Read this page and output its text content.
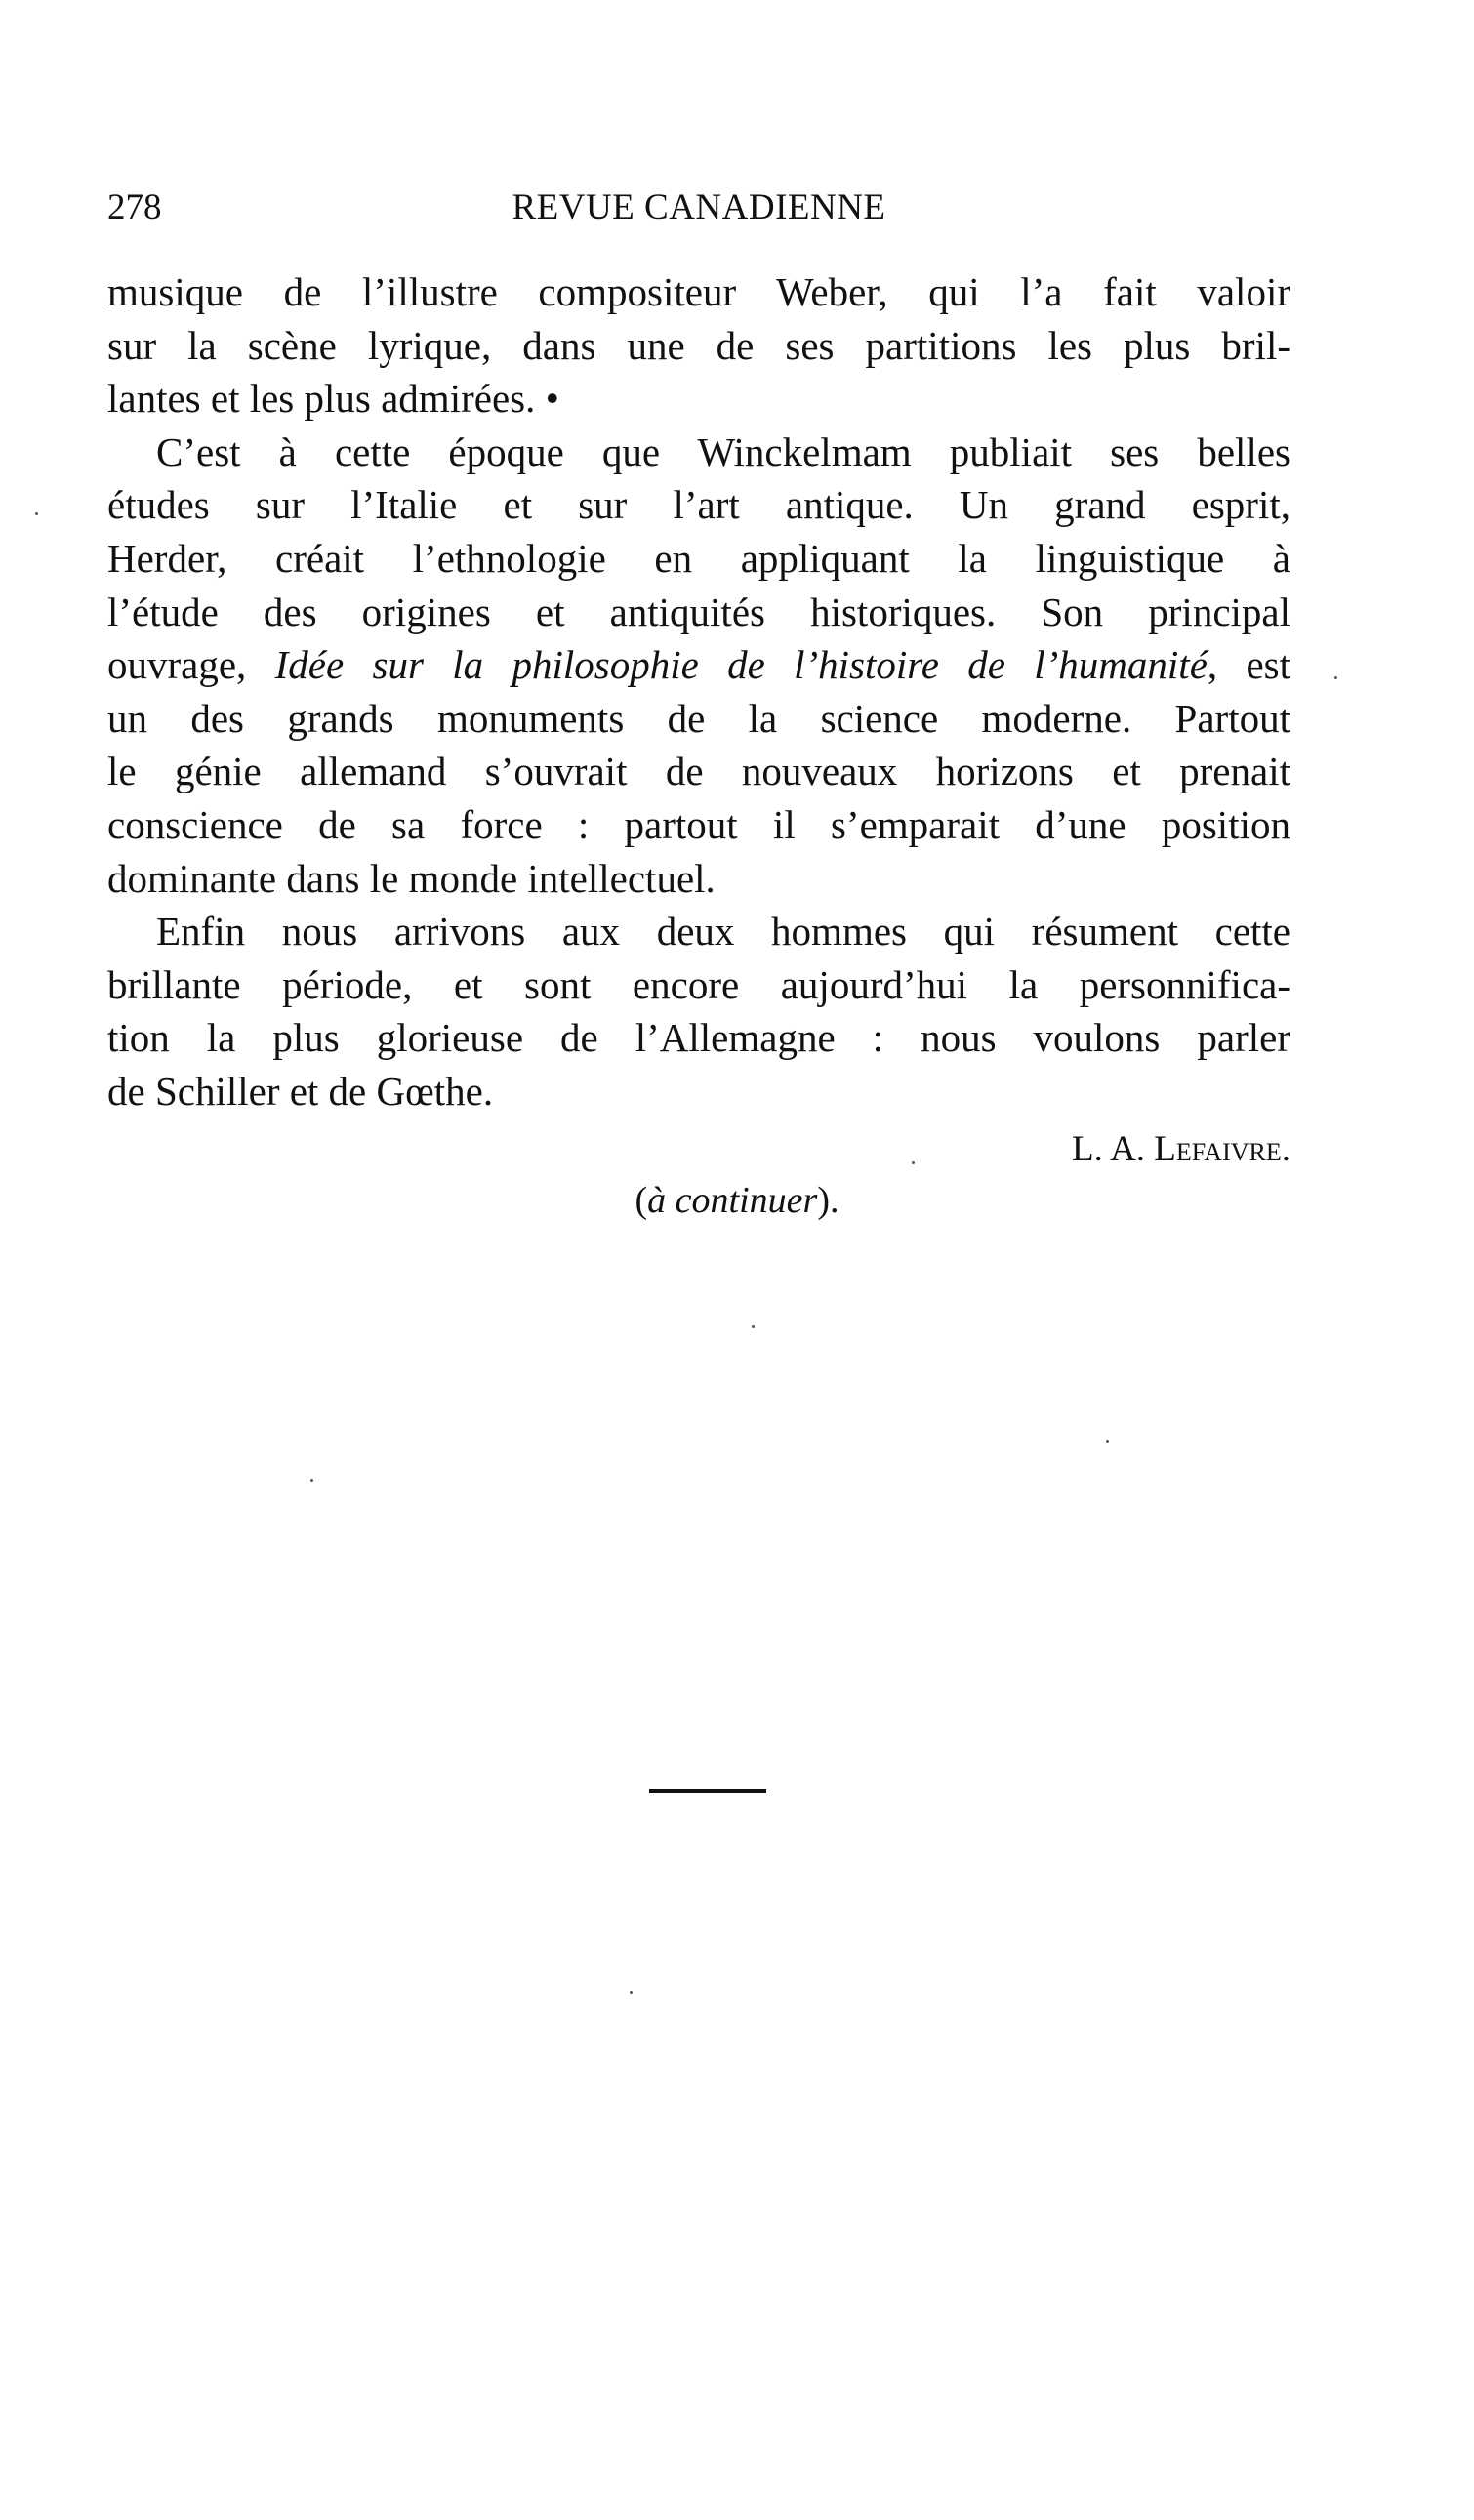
278	REVUE CANADIENNE

musique de l’illustre compositeur Weber, qui l’a fait valoir
sur la scène lyrique, dans une de ses partitions les plus bril-
lantes et les plus admirées. •

C’est à cette époque que Winckelmam publiait ses belles
études sur l’Italie et sur l’art antique. Un grand esprit,
Herder, créait l’ethnologie en appliquant la linguistique à
l’étude des origines et antiquités historiques. Son principal
ouvrage, Idée sur la philosophie de l’histoire de l’humanité, est
un des grands monuments de la science moderne. Partout
le génie allemand s’ouvrait de nouveaux horizons et prenait
conscience de sa force : partout il s’emparait d’une position
dominante dans le monde intellectuel.

Enfin nous arrivons aux deux hommes qui résument cette
brillante période, et sont encore aujourd’hui la personnifica-
tion la plus glorieuse de l’Allemagne : nous voulons parler
de Schiller et de Gœthe.

L. A. Lefaivre.
(à continuer).
